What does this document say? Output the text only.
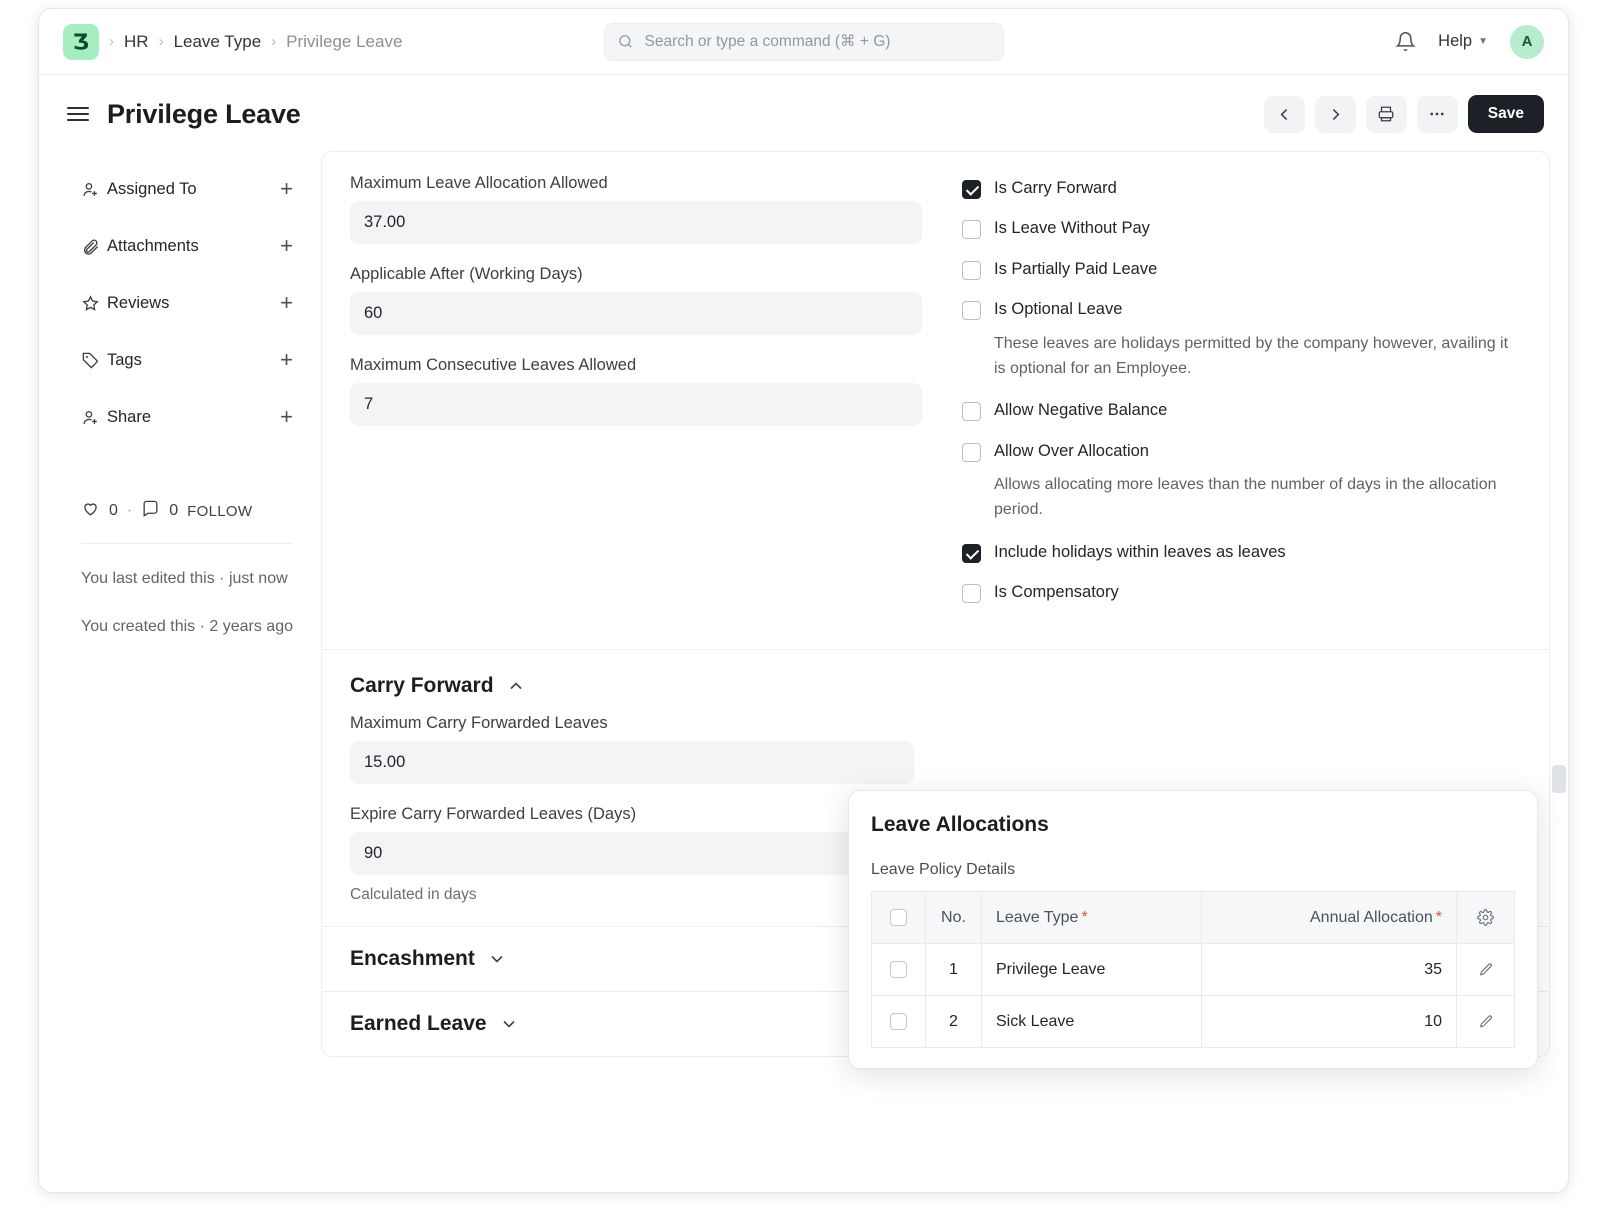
Ʒ	› HR › Leave Type › Privilege Leave
Search or type a command (⌘ + G)	Help ▼	A
Privilege Leave	Save
Assigned To	+
Attachments	+
Reviews	+
Tags	+
Share	+
0 · 0 FOLLOW
You last edited this · just now
You created this · 2 years ago
Maximum Leave Allocation Allowed
37.00
Applicable After (Working Days)
60
Maximum Consecutive Leaves Allowed
7
Is Carry Forward
Is Leave Without Pay
Is Partially Paid Leave
Is Optional Leave
These leaves are holidays permitted by the company however, availing it is optional for an Employee.
Allow Negative Balance
Allow Over Allocation
Allows allocating more leaves than the number of days in the allocation period.
Include holidays within leaves as leaves
Is Compensatory
Carry Forward
Maximum Carry Forwarded Leaves
15.00
Expire Carry Forwarded Leaves (Days)
90
Calculated in days
Encashment
Earned Leave
Leave Allocations
Leave Policy Details
	No.	Leave Type *	Annual Allocation *	

	1	Privilege Leave	35	

	2	Sick Leave	10	
